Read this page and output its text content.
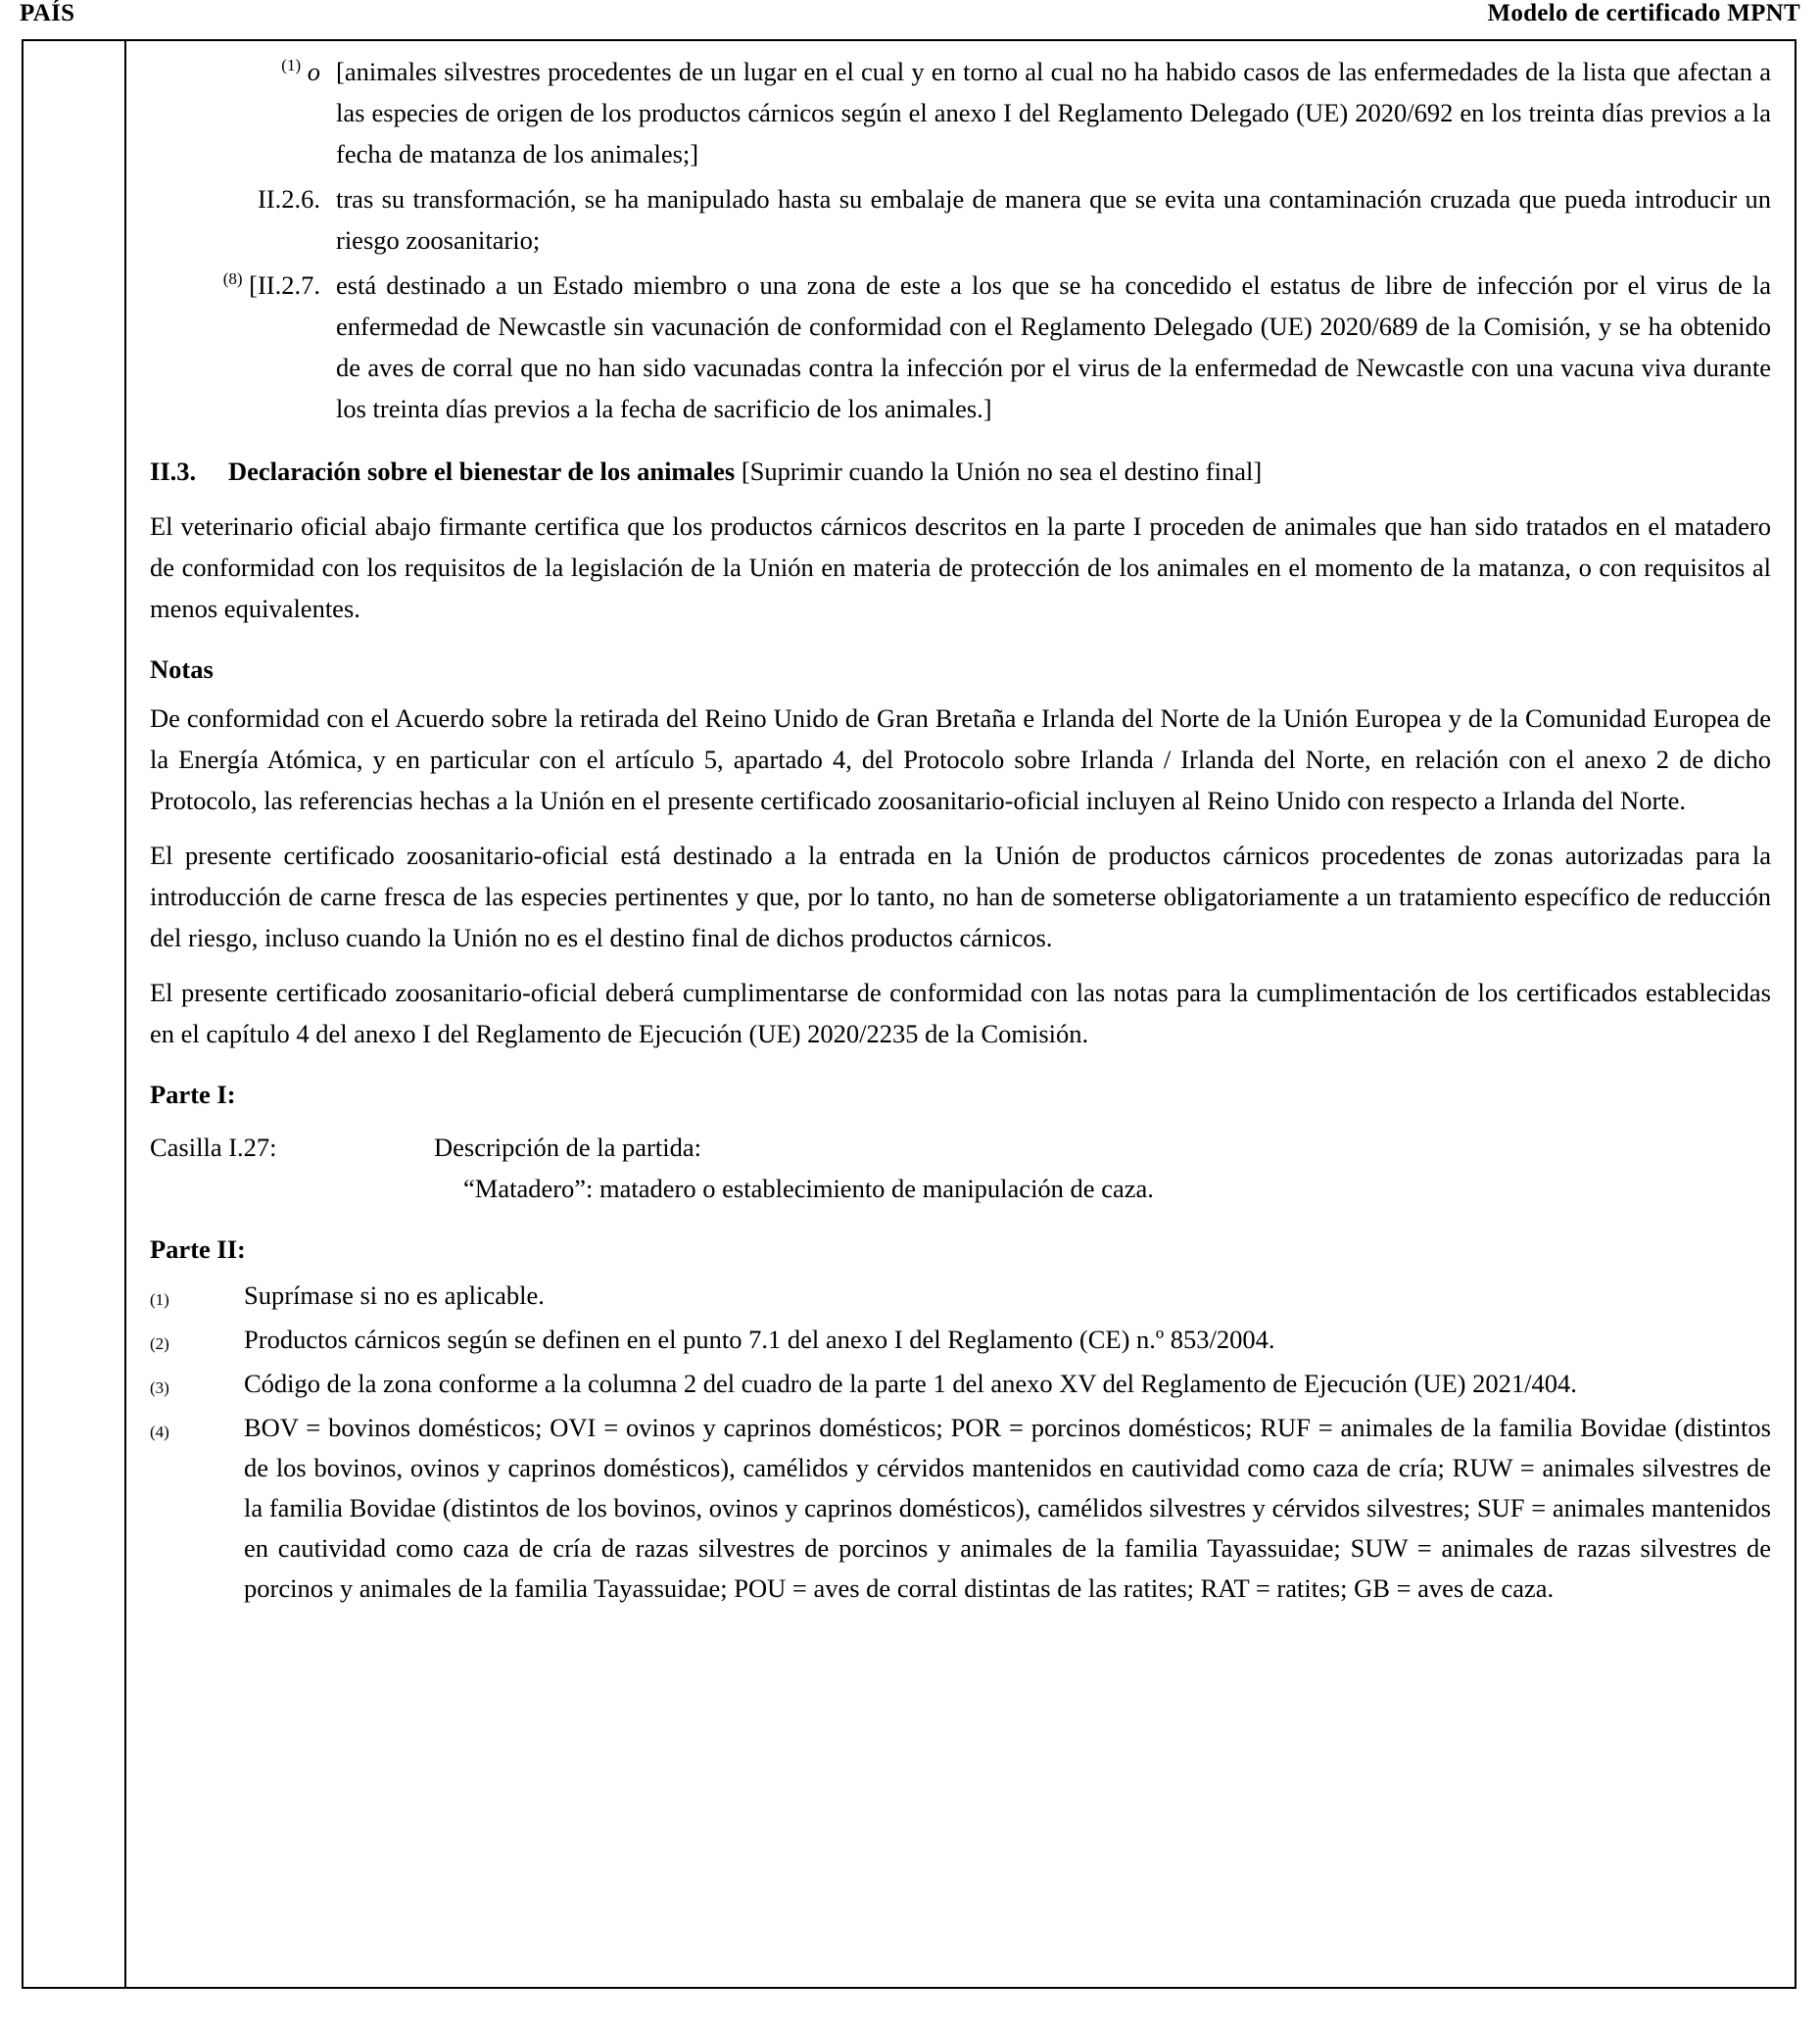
PAÍS	Modelo de certificado MPNT
$^{(1)}$ o [animales silvestres procedentes de un lugar en el cual y en torno al cual no ha habido casos de las enfermedades de la lista que afectan a las especies de origen de los productos cárnicos según el anexo I del Reglamento Delegado (UE) 2020/692 en los treinta días previos a la fecha de matanza de los animales;]
II.2.6. tras su transformación, se ha manipulado hasta su embalaje de manera que se evita una contaminación cruzada que pueda introducir un riesgo zoosanitario;
$^{(8)}$ [II.2.7. está destinado a un Estado miembro o una zona de este a los que se ha concedido el estatus de libre de infección por el virus de la enfermedad de Newcastle sin vacunación de conformidad con el Reglamento Delegado (UE) 2020/689 de la Comisión, y se ha obtenido de aves de corral que no han sido vacunadas contra la infección por el virus de la enfermedad de Newcastle con una vacuna viva durante los treinta días previos a la fecha de sacrificio de los animales.]
II.3. Declaración sobre el bienestar de los animales [Suprimir cuando la Unión no sea el destino final]
El veterinario oficial abajo firmante certifica que los productos cárnicos descritos en la parte I proceden de animales que han sido tratados en el matadero de conformidad con los requisitos de la legislación de la Unión en materia de protección de los animales en el momento de la matanza, o con requisitos al menos equivalentes.
Notas
De conformidad con el Acuerdo sobre la retirada del Reino Unido de Gran Bretaña e Irlanda del Norte de la Unión Europea y de la Comunidad Europea de la Energía Atómica, y en particular con el artículo 5, apartado 4, del Protocolo sobre Irlanda / Irlanda del Norte, en relación con el anexo 2 de dicho Protocolo, las referencias hechas a la Unión en el presente certificado zoosanitario-oficial incluyen al Reino Unido con respecto a Irlanda del Norte.
El presente certificado zoosanitario-oficial está destinado a la entrada en la Unión de productos cárnicos procedentes de zonas autorizadas para la introducción de carne fresca de las especies pertinentes y que, por lo tanto, no han de someterse obligatoriamente a un tratamiento específico de reducción del riesgo, incluso cuando la Unión no es el destino final de dichos productos cárnicos.
El presente certificado zoosanitario-oficial deberá cumplimentarse de conformidad con las notas para la cumplimentación de los certificados establecidas en el capítulo 4 del anexo I del Reglamento de Ejecución (UE) 2020/2235 de la Comisión.
Parte I:
Casilla I.27:	Descripción de la partida:
“Matadero”: matadero o establecimiento de manipulación de caza.
Parte II:
(1)	Suprímase si no es aplicable.
(2)	Productos cárnicos según se definen en el punto 7.1 del anexo I del Reglamento (CE) n.º 853/2004.
(3)	Código de la zona conforme a la columna 2 del cuadro de la parte 1 del anexo XV del Reglamento de Ejecución (UE) 2021/404.
(4)	BOV = bovinos domésticos; OVI = ovinos y caprinos domésticos; POR = porcinos domésticos; RUF = animales de la familia Bovidae (distintos de los bovinos, ovinos y caprinos domésticos), camélidos y cérvidos mantenidos en cautividad como caza de cría; RUW = animales silvestres de la familia Bovidae (distintos de los bovinos, ovinos y caprinos domésticos), camélidos silvestres y cérvidos silvestres; SUF = animales mantenidos en cautividad como caza de cría de razas silvestres de porcinos y animales de la familia Tayassuidae; SUW = animales de razas silvestres de porcinos y animales de la familia Tayassuidae; POU = aves de corral distintas de las ratites; RAT = ratites; GB = aves de caza.
